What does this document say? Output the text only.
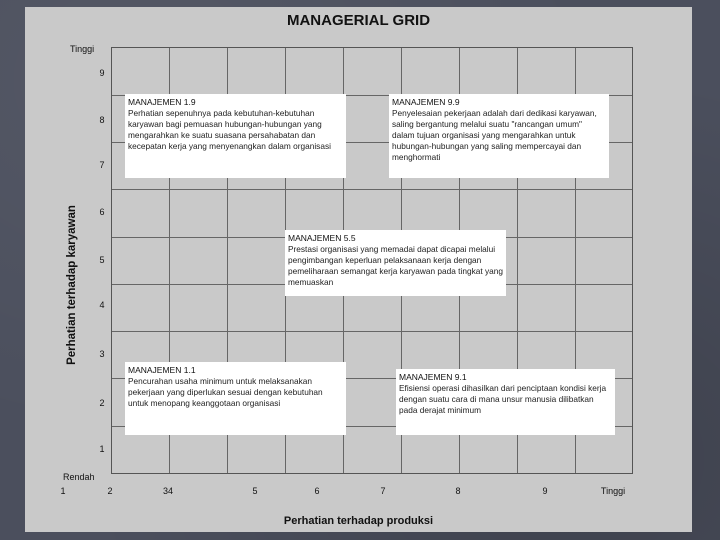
MANAGERIAL GRID
Tinggi
Rendah
9
8
7
6
5
4
3
2
1
1	2	34	5	6	7	8	9	Tinggi
Perhatian terhadap karyawan
Perhatian terhadap produksi
MANAJEMEN 1.9
Perhatian sepenuhnya pada kebutuhan-kebutuhan karyawan bagi pemuasan hubungan-hubungan yang mengarahkan ke suatu suasana persahabatan dan kecepatan kerja yang menyenangkan dalam organisasi
MANAJEMEN 9.9
Penyelesaian pekerjaan adalah dari dedikasi karyawan, saling bergantung melalui suatu "rancangan umum" dalam tujuan organisasi yang mengarahkan untuk hubungan-hubungan yang saling mempercayai dan menghormati
MANAJEMEN 5.5
Prestasi organisasi yang memadai dapat dicapai melalui pengimbangan keperluan pelaksanaan kerja dengan pemeliharaan semangat kerja karyawan pada tingkat yang memuaskan
MANAJEMEN 1.1
Pencurahan usaha minimum untuk melaksanakan pekerjaan yang diperlukan sesuai dengan kebutuhan untuk menopang keanggotaan organisasi
MANAJEMEN 9.1
Efisiensi operasi dihasilkan dari penciptaan kondisi kerja dengan suatu cara di mana unsur manusia dilibatkan pada derajat minimum
